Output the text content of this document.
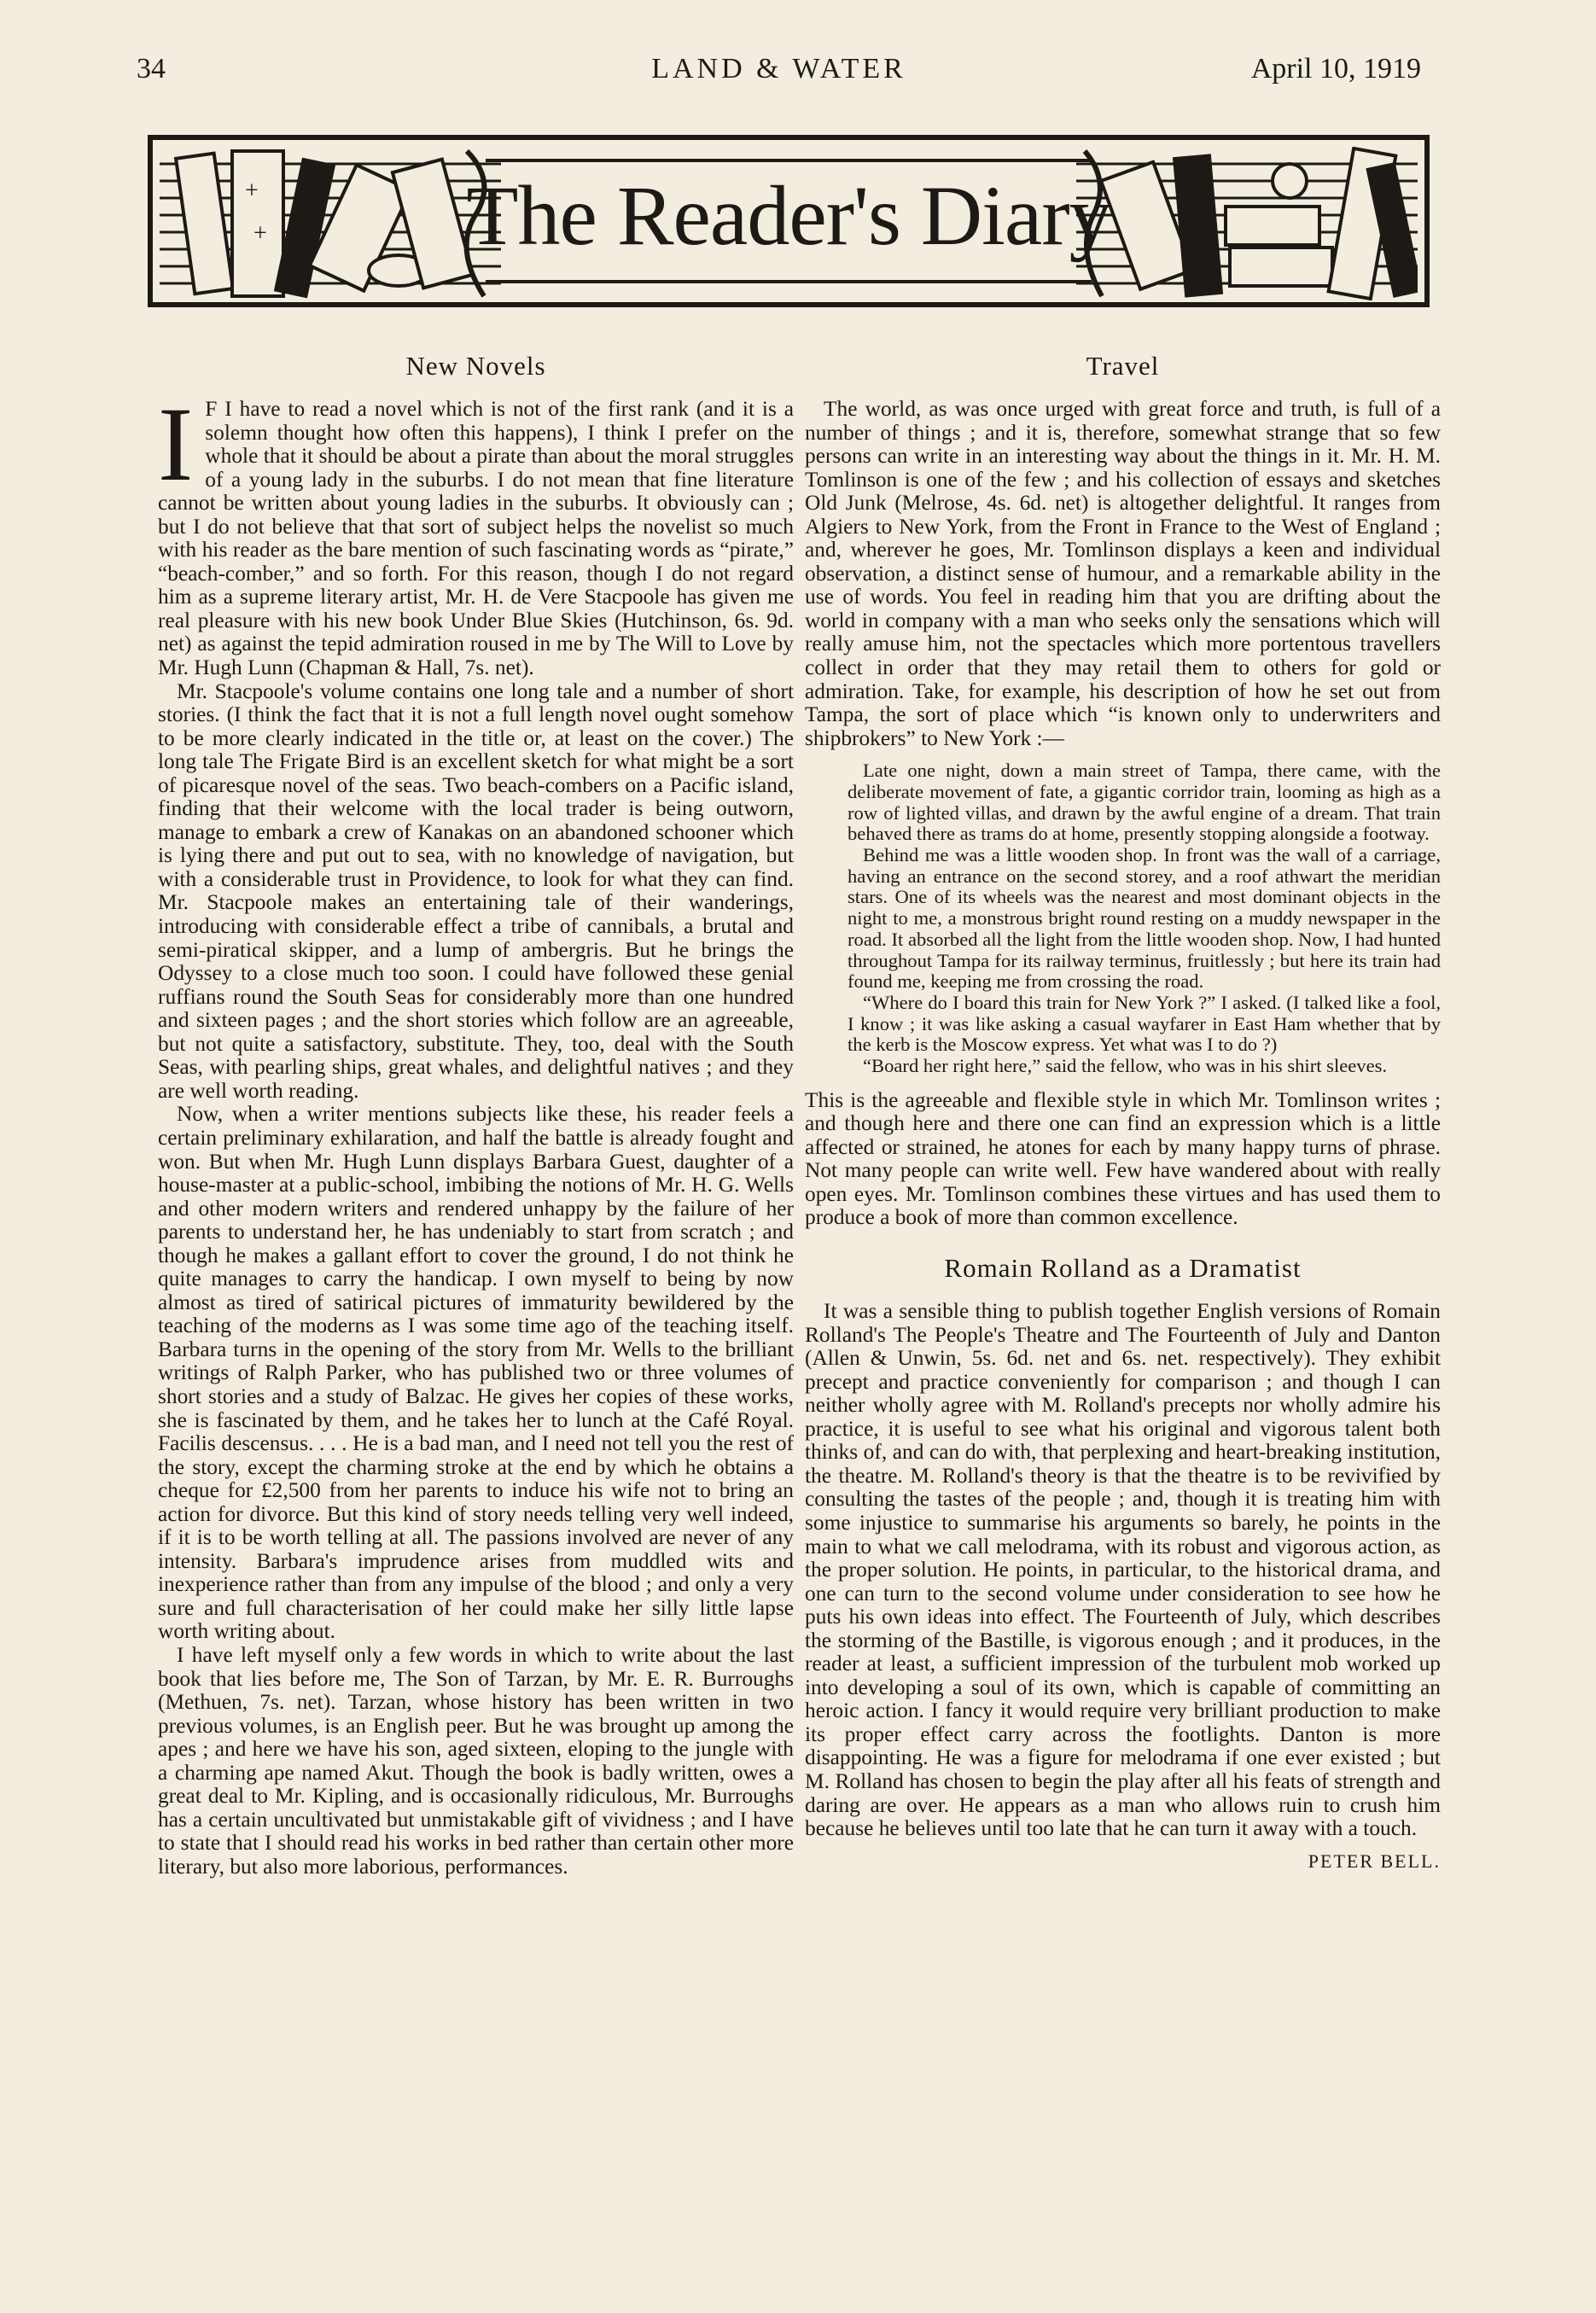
34	LAND & WATER	April 10, 1919
+
+ The Reader's Diary
New Novels

I F I have to read a novel which is not of the first rank (and it is a solemn thought how often this happens), I think I prefer on the whole that it should be about a pirate than about the moral struggles of a young lady in the suburbs. I do not mean that fine literature cannot be written about young ladies in the suburbs. It obviously can ; but I do not believe that that sort of subject helps the novelist so much with his reader as the bare mention of such fascinating words as “pirate,” “beach-comber,” and so forth. For this reason, though I do not regard him as a supreme literary artist, Mr. H. de Vere Stacpoole has given me real pleasure with his new book Under Blue Skies (Hutchinson, 6s. 9d. net) as against the tepid admiration roused in me by The Will to Love by Mr. Hugh Lunn (Chapman & Hall, 7s. net).

Mr. Stacpoole's volume contains one long tale and a number of short stories. (I think the fact that it is not a full length novel ought somehow to be more clearly indicated in the title or, at least on the cover.) The long tale The Frigate Bird is an excellent sketch for what might be a sort of picaresque novel of the seas. Two beach-combers on a Pacific island, finding that their welcome with the local trader is being outworn, manage to embark a crew of Kanakas on an abandoned schooner which is lying there and put out to sea, with no knowledge of navigation, but with a considerable trust in Providence, to look for what they can find. Mr. Stacpoole makes an entertaining tale of their wanderings, introducing with considerable effect a tribe of cannibals, a brutal and semi-piratical skipper, and a lump of ambergris. But he brings the Odyssey to a close much too soon. I could have followed these genial ruffians round the South Seas for considerably more than one hundred and sixteen pages ; and the short stories which follow are an agreeable, but not quite a satisfactory, substitute. They, too, deal with the South Seas, with pearling ships, great whales, and delightful natives ; and they are well worth reading.

Now, when a writer mentions subjects like these, his reader feels a certain preliminary exhilaration, and half the battle is already fought and won. But when Mr. Hugh Lunn displays Barbara Guest, daughter of a house-master at a public-school, imbibing the notions of Mr. H. G. Wells and other modern writers and rendered unhappy by the failure of her parents to understand her, he has undeniably to start from scratch ; and though he makes a gallant effort to cover the ground, I do not think he quite manages to carry the handicap. I own myself to being by now almost as tired of satirical pictures of immaturity bewildered by the teaching of the moderns as I was some time ago of the teaching itself. Barbara turns in the opening of the story from Mr. Wells to the brilliant writings of Ralph Parker, who has published two or three volumes of short stories and a study of Balzac. He gives her copies of these works, she is fascinated by them, and he takes her to lunch at the Café Royal. Facilis descensus. . . . He is a bad man, and I need not tell you the rest of the story, except the charming stroke at the end by which he obtains a cheque for £2,500 from her parents to induce his wife not to bring an action for divorce. But this kind of story needs telling very well indeed, if it is to be worth telling at all. The passions involved are never of any intensity. Barbara's imprudence arises from muddled wits and inexperience rather than from any impulse of the blood ; and only a very sure and full characterisation of her could make her silly little lapse worth writing about.

I have left myself only a few words in which to write about the last book that lies before me, The Son of Tarzan, by Mr. E. R. Burroughs (Methuen, 7s. net). Tarzan, whose history has been written in two previous volumes, is an English peer. But he was brought up among the apes ; and here we have his son, aged sixteen, eloping to the jungle with a charming ape named Akut. Though the book is badly written, owes a great deal to Mr. Kipling, and is occasionally ridiculous, Mr. Burroughs has a certain uncultivated but unmistakable gift of vividness ; and I have to state that I should read his works in bed rather than certain other more literary, but also more laborious, performances.

Travel

The world, as was once urged with great force and truth, is full of a number of things ; and it is, therefore, somewhat strange that so few persons can write in an interesting way about the things in it. Mr. H. M. Tomlinson is one of the few ; and his collection of essays and sketches Old Junk (Melrose, 4s. 6d. net) is altogether delightful. It ranges from Algiers to New York, from the Front in France to the West of England ; and, wherever he goes, Mr. Tomlinson displays a keen and individual observation, a distinct sense of humour, and a remarkable ability in the use of words. You feel in reading him that you are drifting about the world in company with a man who seeks only the sensations which will really amuse him, not the spectacles which more portentous travellers collect in order that they may retail them to others for gold or admiration. Take, for example, his description of how he set out from Tampa, the sort of place which “is known only to underwriters and shipbrokers” to New York :—

Late one night, down a main street of Tampa, there came, with the deliberate movement of fate, a gigantic corridor train, looming as high as a row of lighted villas, and drawn by the awful engine of a dream. That train behaved there as trams do at home, presently stopping alongside a footway.

Behind me was a little wooden shop. In front was the wall of a carriage, having an entrance on the second storey, and a roof athwart the meridian stars. One of its wheels was the nearest and most dominant objects in the night to me, a monstrous bright round resting on a muddy newspaper in the road. It absorbed all the light from the little wooden shop. Now, I had hunted throughout Tampa for its railway terminus, fruitlessly ; but here its train had found me, keeping me from crossing the road.

“Where do I board this train for New York ?” I asked. (I talked like a fool, I know ; it was like asking a casual wayfarer in East Ham whether that by the kerb is the Moscow express. Yet what was I to do ?)

“Board her right here,” said the fellow, who was in his shirt sleeves.

This is the agreeable and flexible style in which Mr. Tomlinson writes ; and though here and there one can find an expression which is a little affected or strained, he atones for each by many happy turns of phrase. Not many people can write well. Few have wandered about with really open eyes. Mr. Tomlinson combines these virtues and has used them to produce a book of more than common excellence.

Romain Rolland as a Dramatist

It was a sensible thing to publish together English versions of Romain Rolland's The People's Theatre and The Fourteenth of July and Danton (Allen & Unwin, 5s. 6d. net and 6s. net. respectively). They exhibit precept and practice conveniently for comparison ; and though I can neither wholly agree with M. Rolland's precepts nor wholly admire his practice, it is useful to see what his original and vigorous talent both thinks of, and can do with, that perplexing and heart-breaking institution, the theatre. M. Rolland's theory is that the theatre is to be revivified by consulting the tastes of the people ; and, though it is treating him with some injustice to summarise his arguments so barely, he points in the main to what we call melodrama, with its robust and vigorous action, as the proper solution. He points, in particular, to the historical drama, and one can turn to the second volume under consideration to see how he puts his own ideas into effect. The Fourteenth of July, which describes the storming of the Bastille, is vigorous enough ; and it produces, in the reader at least, a sufficient impression of the turbulent mob worked up into developing a soul of its own, which is capable of committing an heroic action. I fancy it would require very brilliant production to make its proper effect carry across the footlights. Danton is more disappointing. He was a figure for melodrama if one ever existed ; but M. Rolland has chosen to begin the play after all his feats of strength and daring are over. He appears as a man who allows ruin to crush him because he believes until too late that he can turn it away with a touch.

PETER BELL.
